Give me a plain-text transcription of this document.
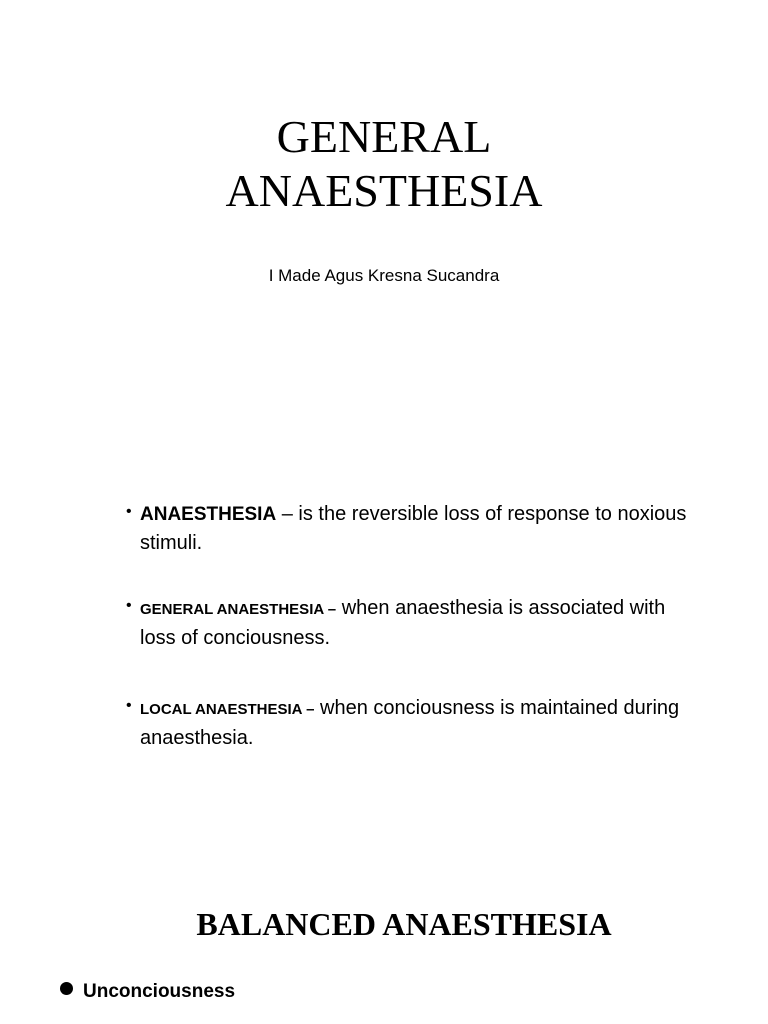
GENERAL
ANAESTHESIA
I Made Agus Kresna Sucandra
• ANAESTHESIA – is the reversible loss of response to noxious stimuli.
• GENERAL ANAESTHESIA – when anaesthesia is associated with loss of conciousness.
• LOCAL ANAESTHESIA – when conciousness is maintained during anaesthesia.
BALANCED ANAESTHESIA
Unconciousness
